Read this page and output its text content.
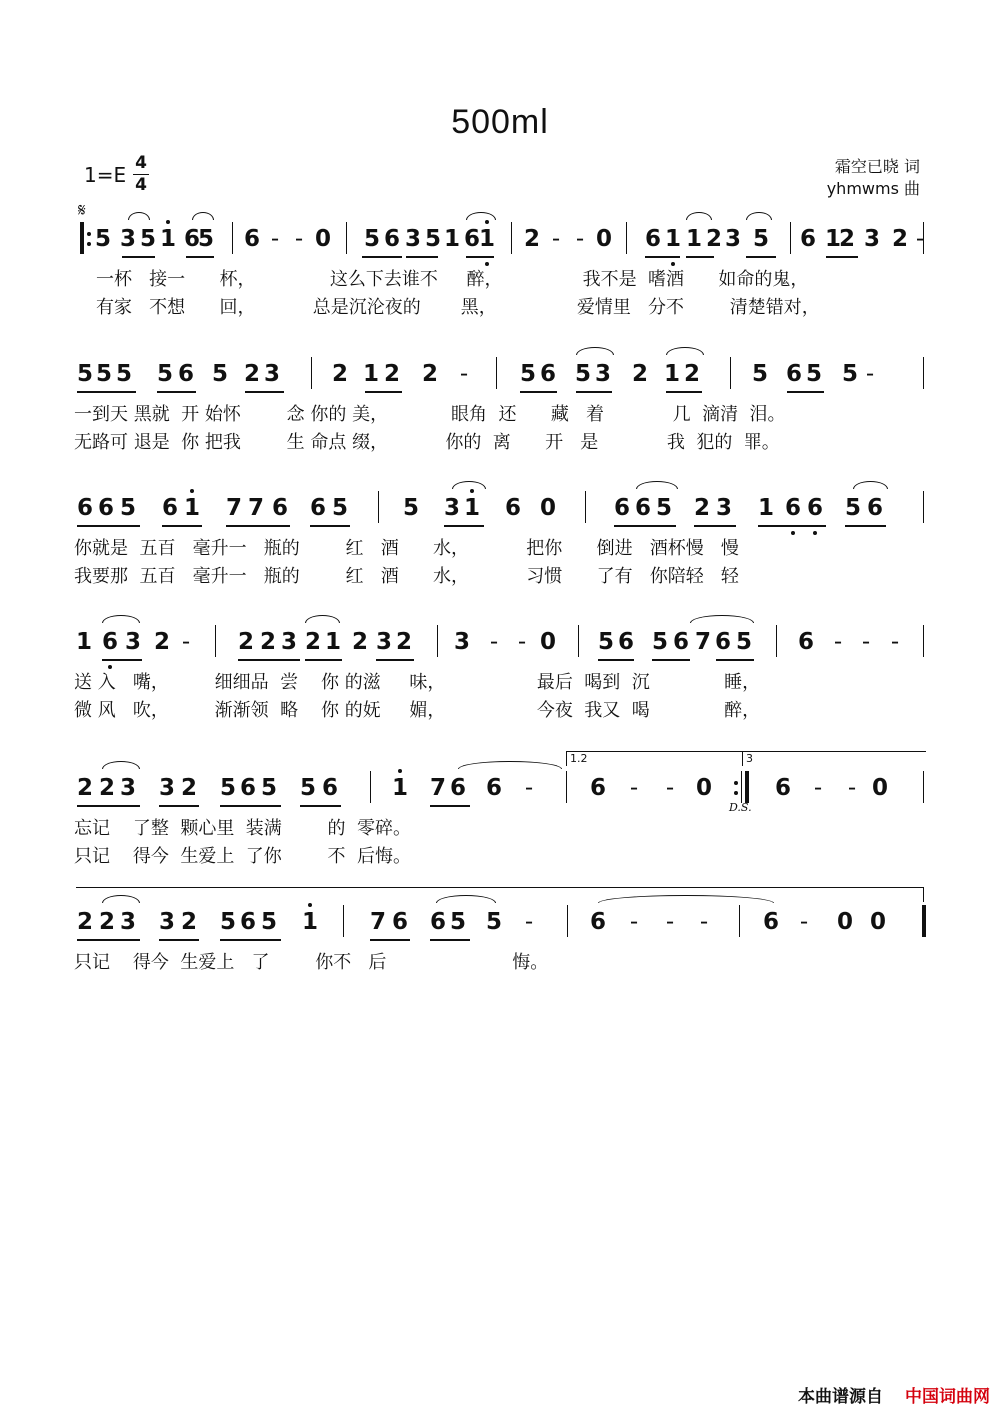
500ml
1=E 4
4
霜空已晓 词
yhmwms 曲
𝄋
5 3 5 1 6
5 6 - - 0 5 6 3 5 1 6
1 2 - - 0 6 1 1 2 3 5 6 1
2 3 2 -
一杯   接一      杯，             这么下去谁不     醉，              我不是  嗜酒      如命的鬼，
有家   不想      回，          总是沉沦夜的       黑，              爱情里   分不        清楚错对，
5 5 5 5 6 5 2 3 2 1 2 2 - 5 6 5 3 2 1 2 5 6 5 5 -
一到天 黑就  开 始怀        念 你的 美，           眼角  还      藏   着            几  滴清  泪。
无路可 退是  你 把我        生 命点 缀，          你的  离      开   是            我  犯的  罪。
6 6 5 6 1 7 7 6 6 5 5 3 1 6 0	6 6 5 2 3 1 6 6 5 6
你就是  五百   毫升一   瓶的        红   酒      水，          把你      倒进   酒杯慢   慢
我要那  五百   毫升一   瓶的        红   酒      水，          习惯      了有   你陪轻   轻
1 6 3 2 - 2 2 3 2 1 2 3 2 3 - - 0 5 6 5 6 7 6 5 6 - - -
送 入   嘴，        细细品  尝    你 的滋     味，                最后  喝到  沉             睡，
微 风   吹，        渐渐领  略    你 的妩     媚，                今夜  我又  喝             醉，
2 2 3 3 2 5 6 5 5 6 1 7 6 6 - 6 - - 0	6 - - 0
1.2	3
D.S.
忘记    了整  颗心里  装满        的  零碎。
只记    得今  生爱上  了你        不  后悔。
2 2 3 3 2 5 6 5 1 7 6 6 5 5 - 6 - - - 6 - 0 0
只记    得今  生爱上   了        你不   后                      悔。
本曲谱源自 中国词曲网
